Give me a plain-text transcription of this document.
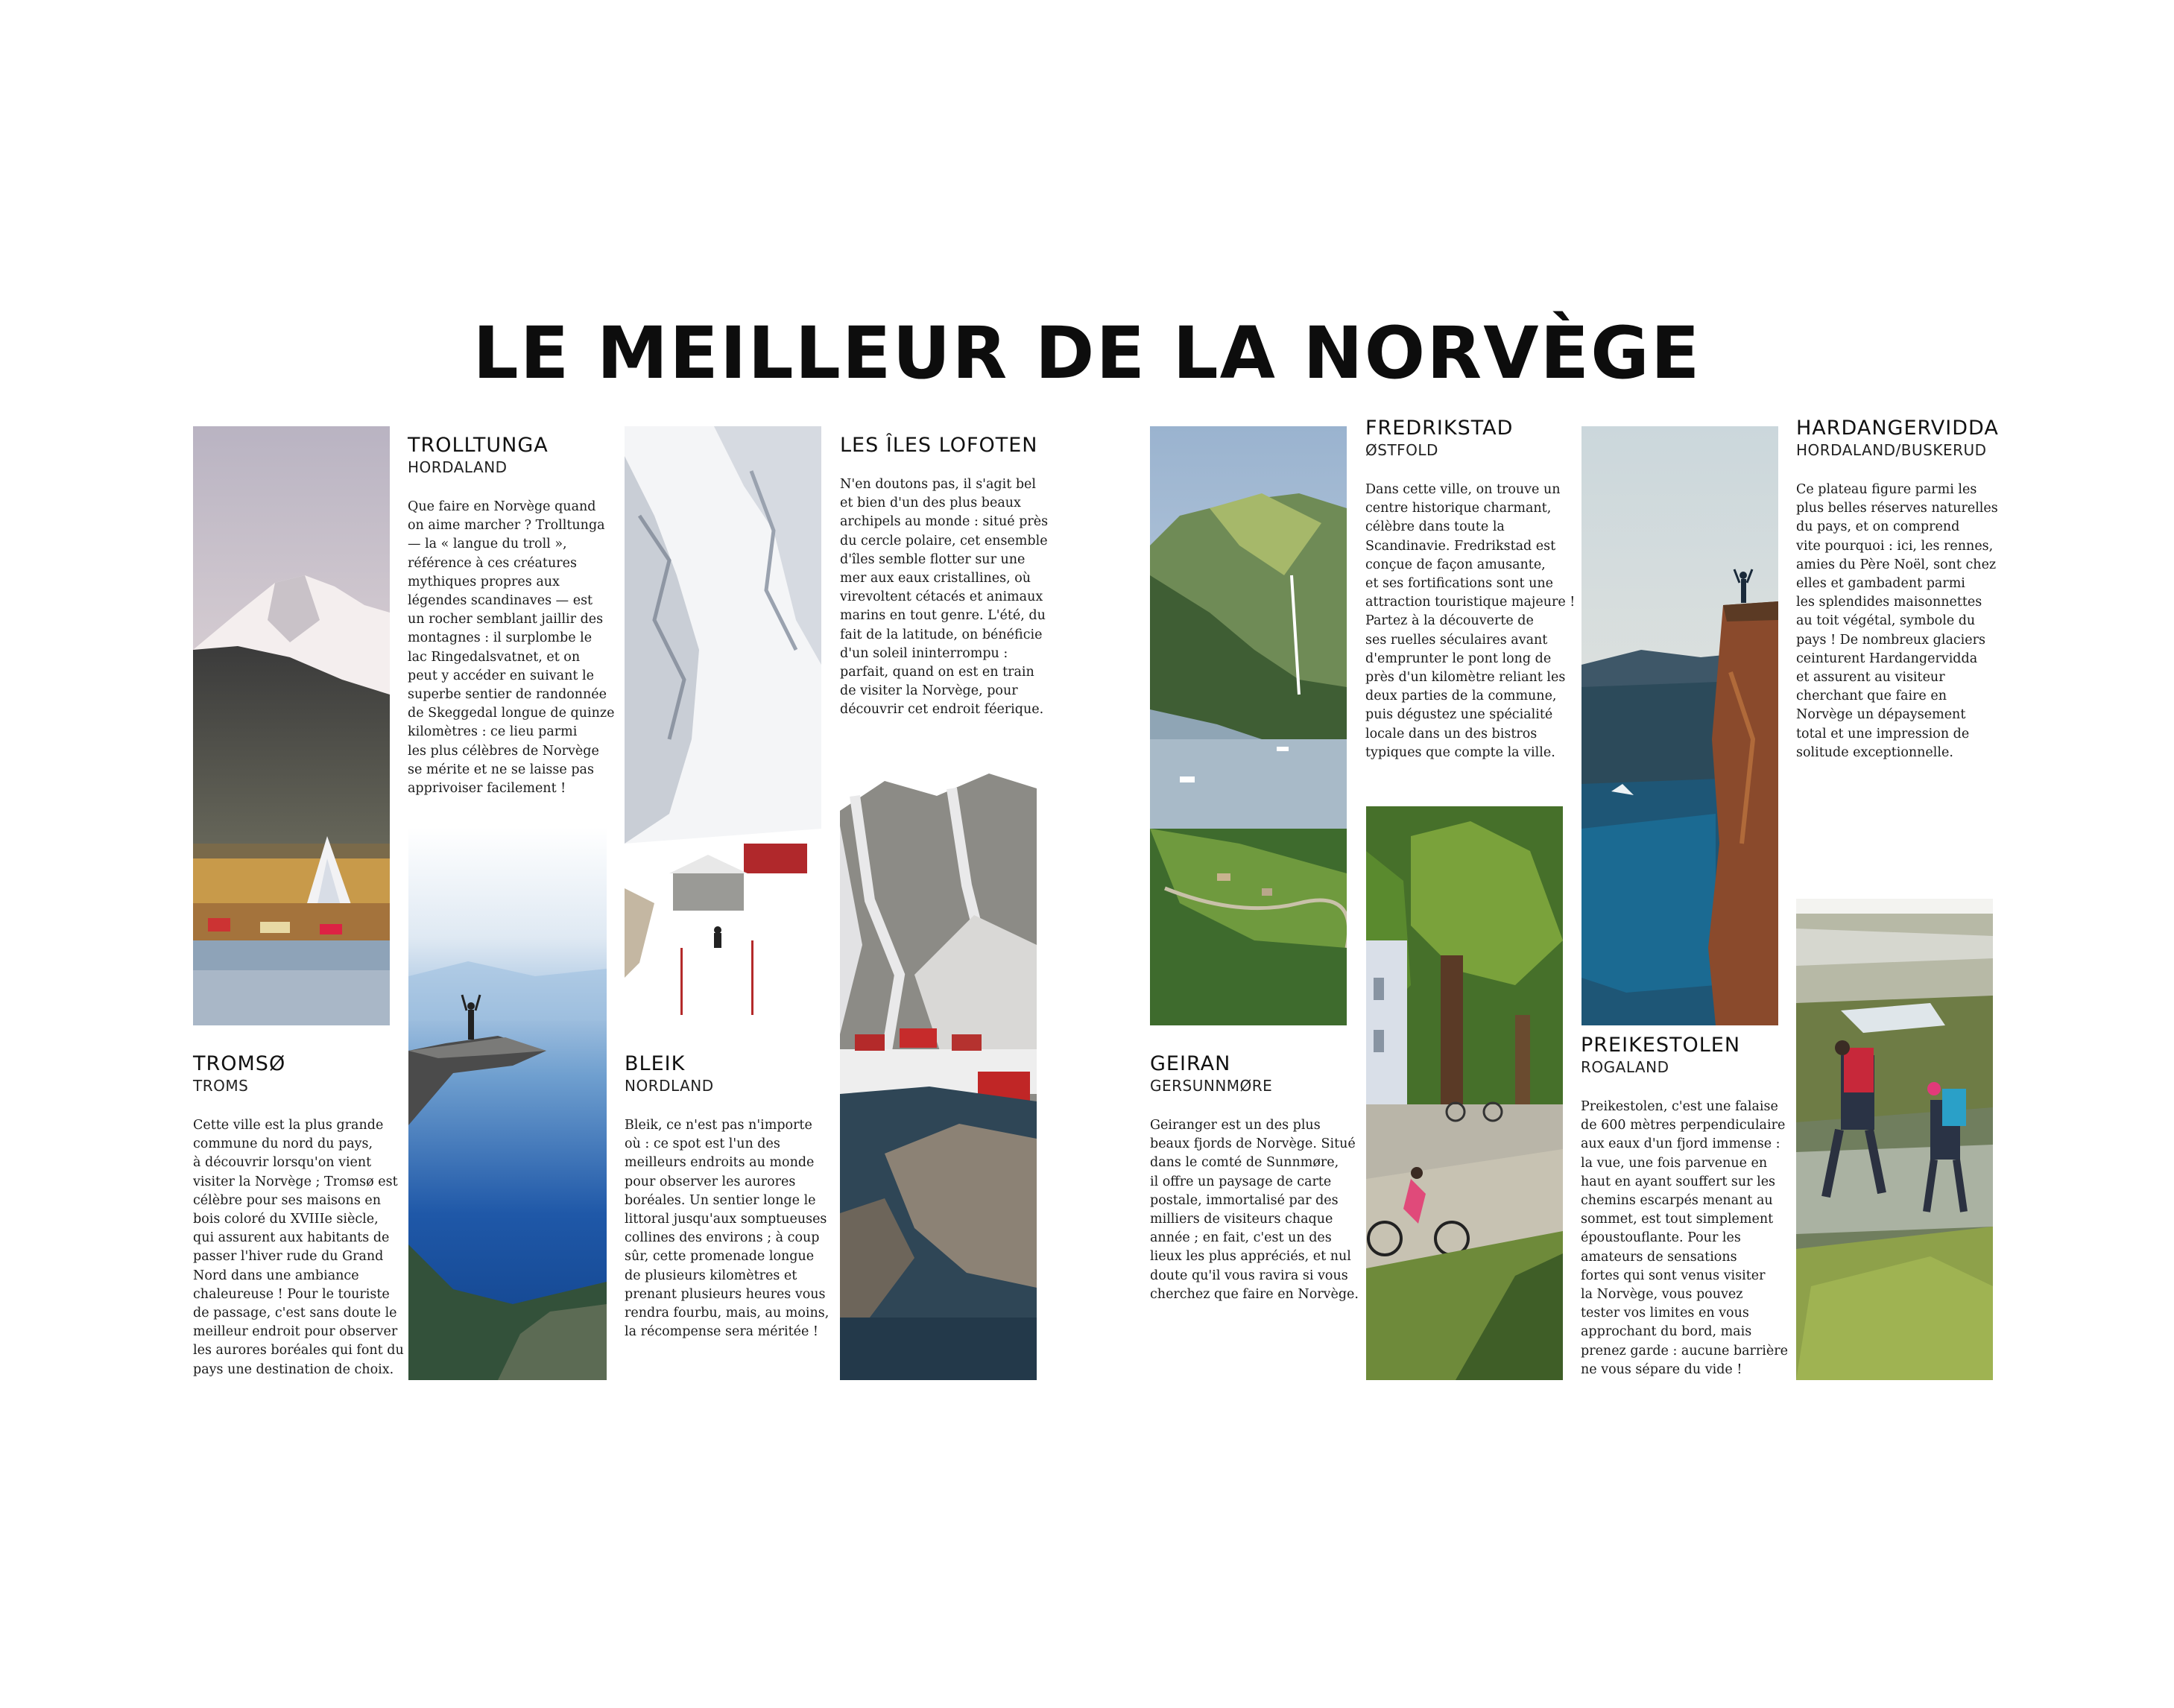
LE MEILLEUR DE LA NORVÈGE
TROLLTUNGA
HORDALAND
Que faire en Norvège quand
on aime marcher ? Trolltunga
— la « langue du troll »,
référence à ces créatures
mythiques propres aux
légendes scandinaves — est
un rocher semblant jaillir des
montagnes : il surplombe le
lac Ringedalsvatnet, et on
peut y accéder en suivant le
superbe sentier de randonnée
de Skeggedal longue de quinze
kilomètres : ce lieu parmi
les plus célèbres de Norvège
se mérite et ne se laisse pas
apprivoiser facilement !
TROMSØ
TROMS
Cette ville est la plus grande
commune du nord du pays,
à découvrir lorsqu'on vient
visiter la Norvège ; Tromsø est
célèbre pour ses maisons en
bois coloré du XVIIIe siècle,
qui assurent aux habitants de
passer l'hiver rude du Grand
Nord dans une ambiance
chaleureuse ! Pour le touriste
de passage, c'est sans doute le
meilleur endroit pour observer
les aurores boréales qui font du
pays une destination de choix.
LES ÎLES LOFOTEN
N'en doutons pas, il s'agit bel
et bien d'un des plus beaux
archipels au monde : situé près
du cercle polaire, cet ensemble
d'îles semble flotter sur une
mer aux eaux cristallines, où
virevoltent cétacés et animaux
marins en tout genre. L'été, du
fait de la latitude, on bénéficie
d'un soleil ininterrompu :
parfait, quand on est en train
de visiter la Norvège, pour
découvrir cet endroit féerique.
BLEIK
NORDLAND
Bleik, ce n'est pas n'importe
où : ce spot est l'un des
meilleurs endroits au monde
pour observer les aurores
boréales. Un sentier longe le
littoral jusqu'aux somptueuses
collines des environs ; à coup
sûr, cette promenade longue
de plusieurs kilomètres et
prenant plusieurs heures vous
rendra fourbu, mais, au moins,
la récompense sera méritée !
FREDRIKSTAD
ØSTFOLD
Dans cette ville, on trouve un
centre historique charmant,
célèbre dans toute la
Scandinavie. Fredrikstad est
conçue de façon amusante,
et ses fortifications sont une
attraction touristique majeure !
Partez à la découverte de
ses ruelles séculaires avant
d'emprunter le pont long de
près d'un kilomètre reliant les
deux parties de la commune,
puis dégustez une spécialité
locale dans un des bistros
typiques que compte la ville.
GEIRAN
GERSUNNMØRE
Geiranger est un des plus
beaux fjords de Norvège. Situé
dans le comté de Sunnmøre,
il offre un paysage de carte
postale, immortalisé par des
milliers de visiteurs chaque
année ; en fait, c'est un des
lieux les plus appréciés, et nul
doute qu'il vous ravira si vous
cherchez que faire en Norvège.
HARDANGERVIDDA
HORDALAND/BUSKERUD
Ce plateau figure parmi les
plus belles réserves naturelles
du pays, et on comprend
vite pourquoi : ici, les rennes,
amies du Père Noël, sont chez
elles et gambadent parmi
les splendides maisonnettes
au toit végétal, symbole du
pays ! De nombreux glaciers
ceinturent Hardangervidda
et assurent au visiteur
cherchant que faire en
Norvège un dépaysement
total et une impression de
solitude exceptionnelle.
PREIKESTOLEN
ROGALAND
Preikestolen, c'est une falaise
de 600 mètres perpendiculaire
aux eaux d'un fjord immense :
la vue, une fois parvenue en
haut en ayant souffert sur les
chemins escarpés menant au
sommet, est tout simplement
époustouflante. Pour les
amateurs de sensations
fortes qui sont venus visiter
la Norvège, vous pouvez
tester vos limites en vous
approchant du bord, mais
prenez garde : aucune barrière
ne vous sépare du vide !
